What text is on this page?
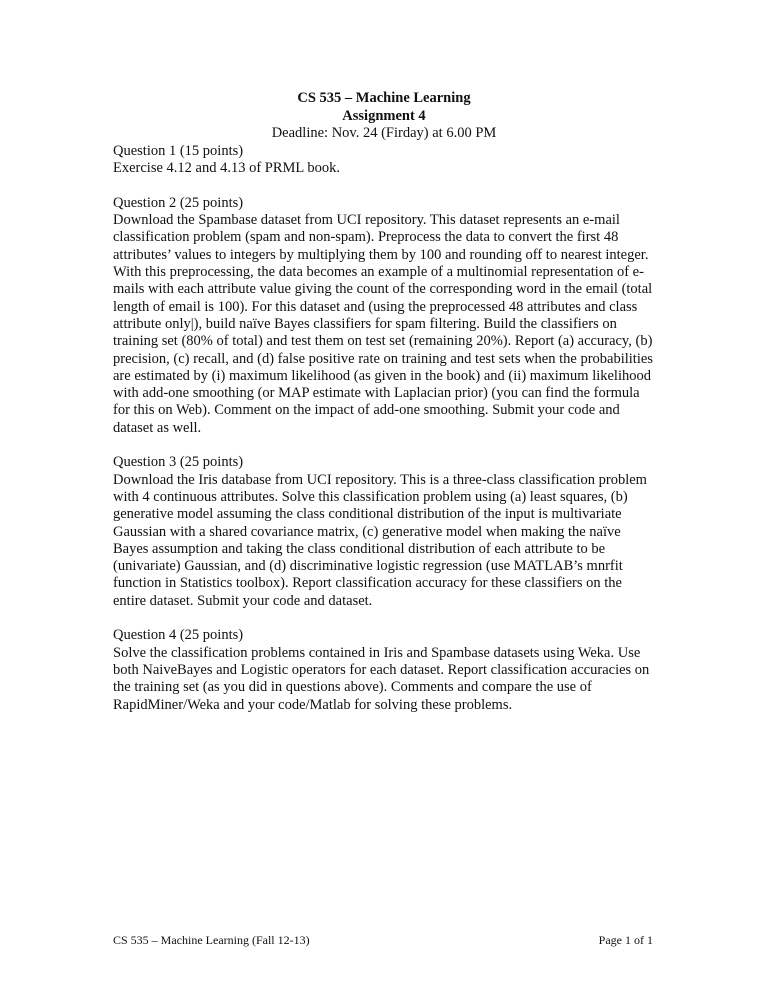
CS 535 – Machine Learning
Assignment 4
Deadline: Nov. 24 (Firday) at 6.00 PM
Question 1 (15 points)
Exercise 4.12 and 4.13 of PRML book.
Question 2 (25 points)
Download the Spambase dataset from UCI repository. This dataset represents an e-mail classification problem (spam and non-spam). Preprocess the data to convert the first 48 attributes’ values to integers by multiplying them by 100 and rounding off to nearest integer. With this preprocessing, the data becomes an example of a multinomial representation of e-mails with each attribute value giving the count of the corresponding word in the email (total length of email is 100). For this dataset and (using the preprocessed 48 attributes and class attribute only|), build naïve Bayes classifiers for spam filtering. Build the classifiers on training set (80% of total) and test them on test set (remaining 20%). Report (a) accuracy, (b) precision, (c) recall, and (d) false positive rate on training and test sets when the probabilities are estimated by (i) maximum likelihood (as given in the book) and (ii) maximum likelihood with add-one smoothing (or MAP estimate with Laplacian prior) (you can find the formula for this on Web). Comment on the impact of add-one smoothing. Submit your code and dataset as well.
Question 3 (25 points)
Download the Iris database from UCI repository. This is a three-class classification problem with 4 continuous attributes. Solve this classification problem using (a) least squares, (b) generative model assuming the class conditional distribution of the input is multivariate Gaussian with a shared covariance matrix, (c) generative model when making the naïve Bayes assumption and taking the class conditional distribution of each attribute to be (univariate) Gaussian, and (d) discriminative logistic regression (use MATLAB’s mnrfit function in Statistics toolbox). Report classification accuracy for these classifiers on the entire dataset. Submit your code and dataset.
Question 4 (25 points)
Solve the classification problems contained in Iris and Spambase datasets using Weka. Use both NaiveBayes and Logistic operators for each dataset. Report classification accuracies on the training set (as you did in questions above). Comments and compare the use of RapidMiner/Weka and your code/Matlab for solving these problems.
CS 535 – Machine Learning (Fall 12-13)	Page 1 of 1
